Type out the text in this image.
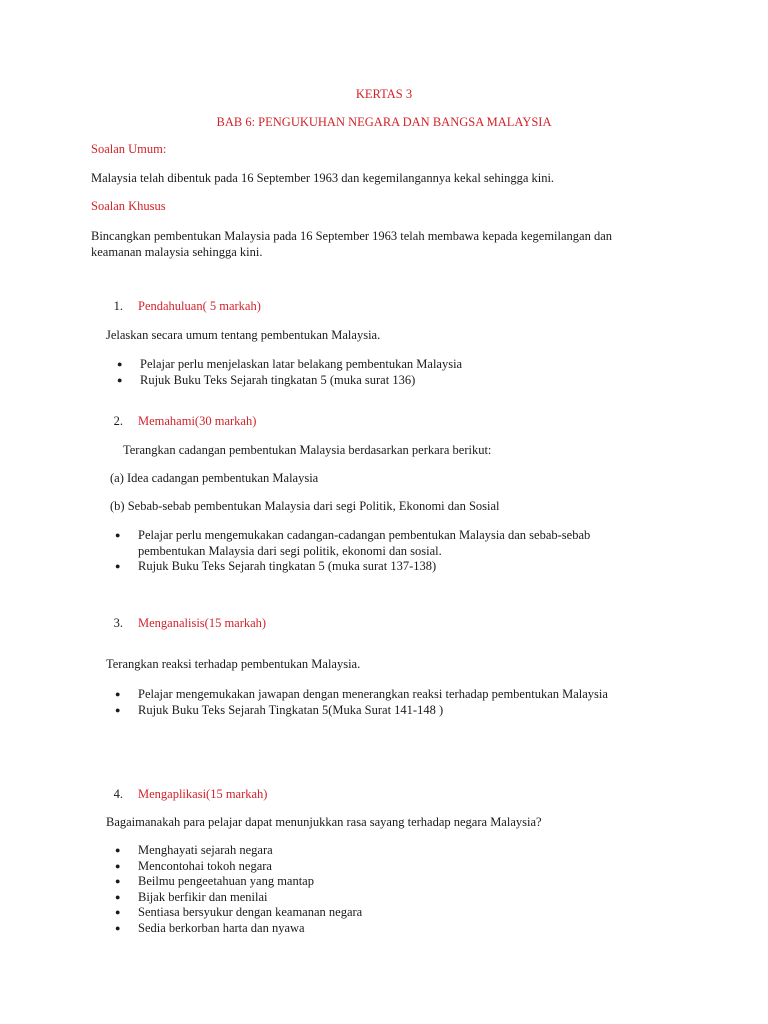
KERTAS 3
BAB 6: PENGUKUHAN NEGARA DAN BANGSA MALAYSIA
Soalan Umum:
Malaysia telah dibentuk pada 16 September 1963 dan kegemilangannya kekal sehingga kini.
Soalan Khusus
Bincangkan pembentukan Malaysia pada 16 September 1963 telah membawa kepada kegemilangan dan keamanan malaysia sehingga kini.
1. Pendahuluan( 5 markah)
Jelaskan secara umum tentang pembentukan Malaysia.
● Pelajar perlu menjelaskan latar belakang pembentukan Malaysia
● Rujuk Buku Teks Sejarah tingkatan 5 (muka surat 136)
2. Memahami(30 markah)
Terangkan cadangan pembentukan Malaysia berdasarkan perkara berikut:
(a) Idea cadangan pembentukan Malaysia
(b) Sebab-sebab pembentukan Malaysia dari segi Politik, Ekonomi dan Sosial
● Pelajar perlu mengemukakan cadangan-cadangan pembentukan Malaysia dan sebab-sebab pembentukan Malaysia dari segi politik, ekonomi dan sosial.
● Rujuk Buku Teks Sejarah tingkatan 5 (muka surat 137-138)
3. Menganalisis(15 markah)
Terangkan reaksi terhadap pembentukan Malaysia.
● Pelajar mengemukakan jawapan dengan menerangkan reaksi terhadap pembentukan Malaysia
● Rujuk Buku Teks Sejarah Tingkatan 5(Muka Surat 141-148 )
4. Mengaplikasi(15 markah)
Bagaimanakah para pelajar dapat menunjukkan rasa sayang terhadap negara Malaysia?
● Menghayati sejarah negara
● Mencontohai tokoh negara
● Beilmu pengeetahuan yang mantap
● Bijak berfikir dan menilai
● Sentiasa bersyukur dengan keamanan negara
● Sedia berkorban harta dan nyawa
